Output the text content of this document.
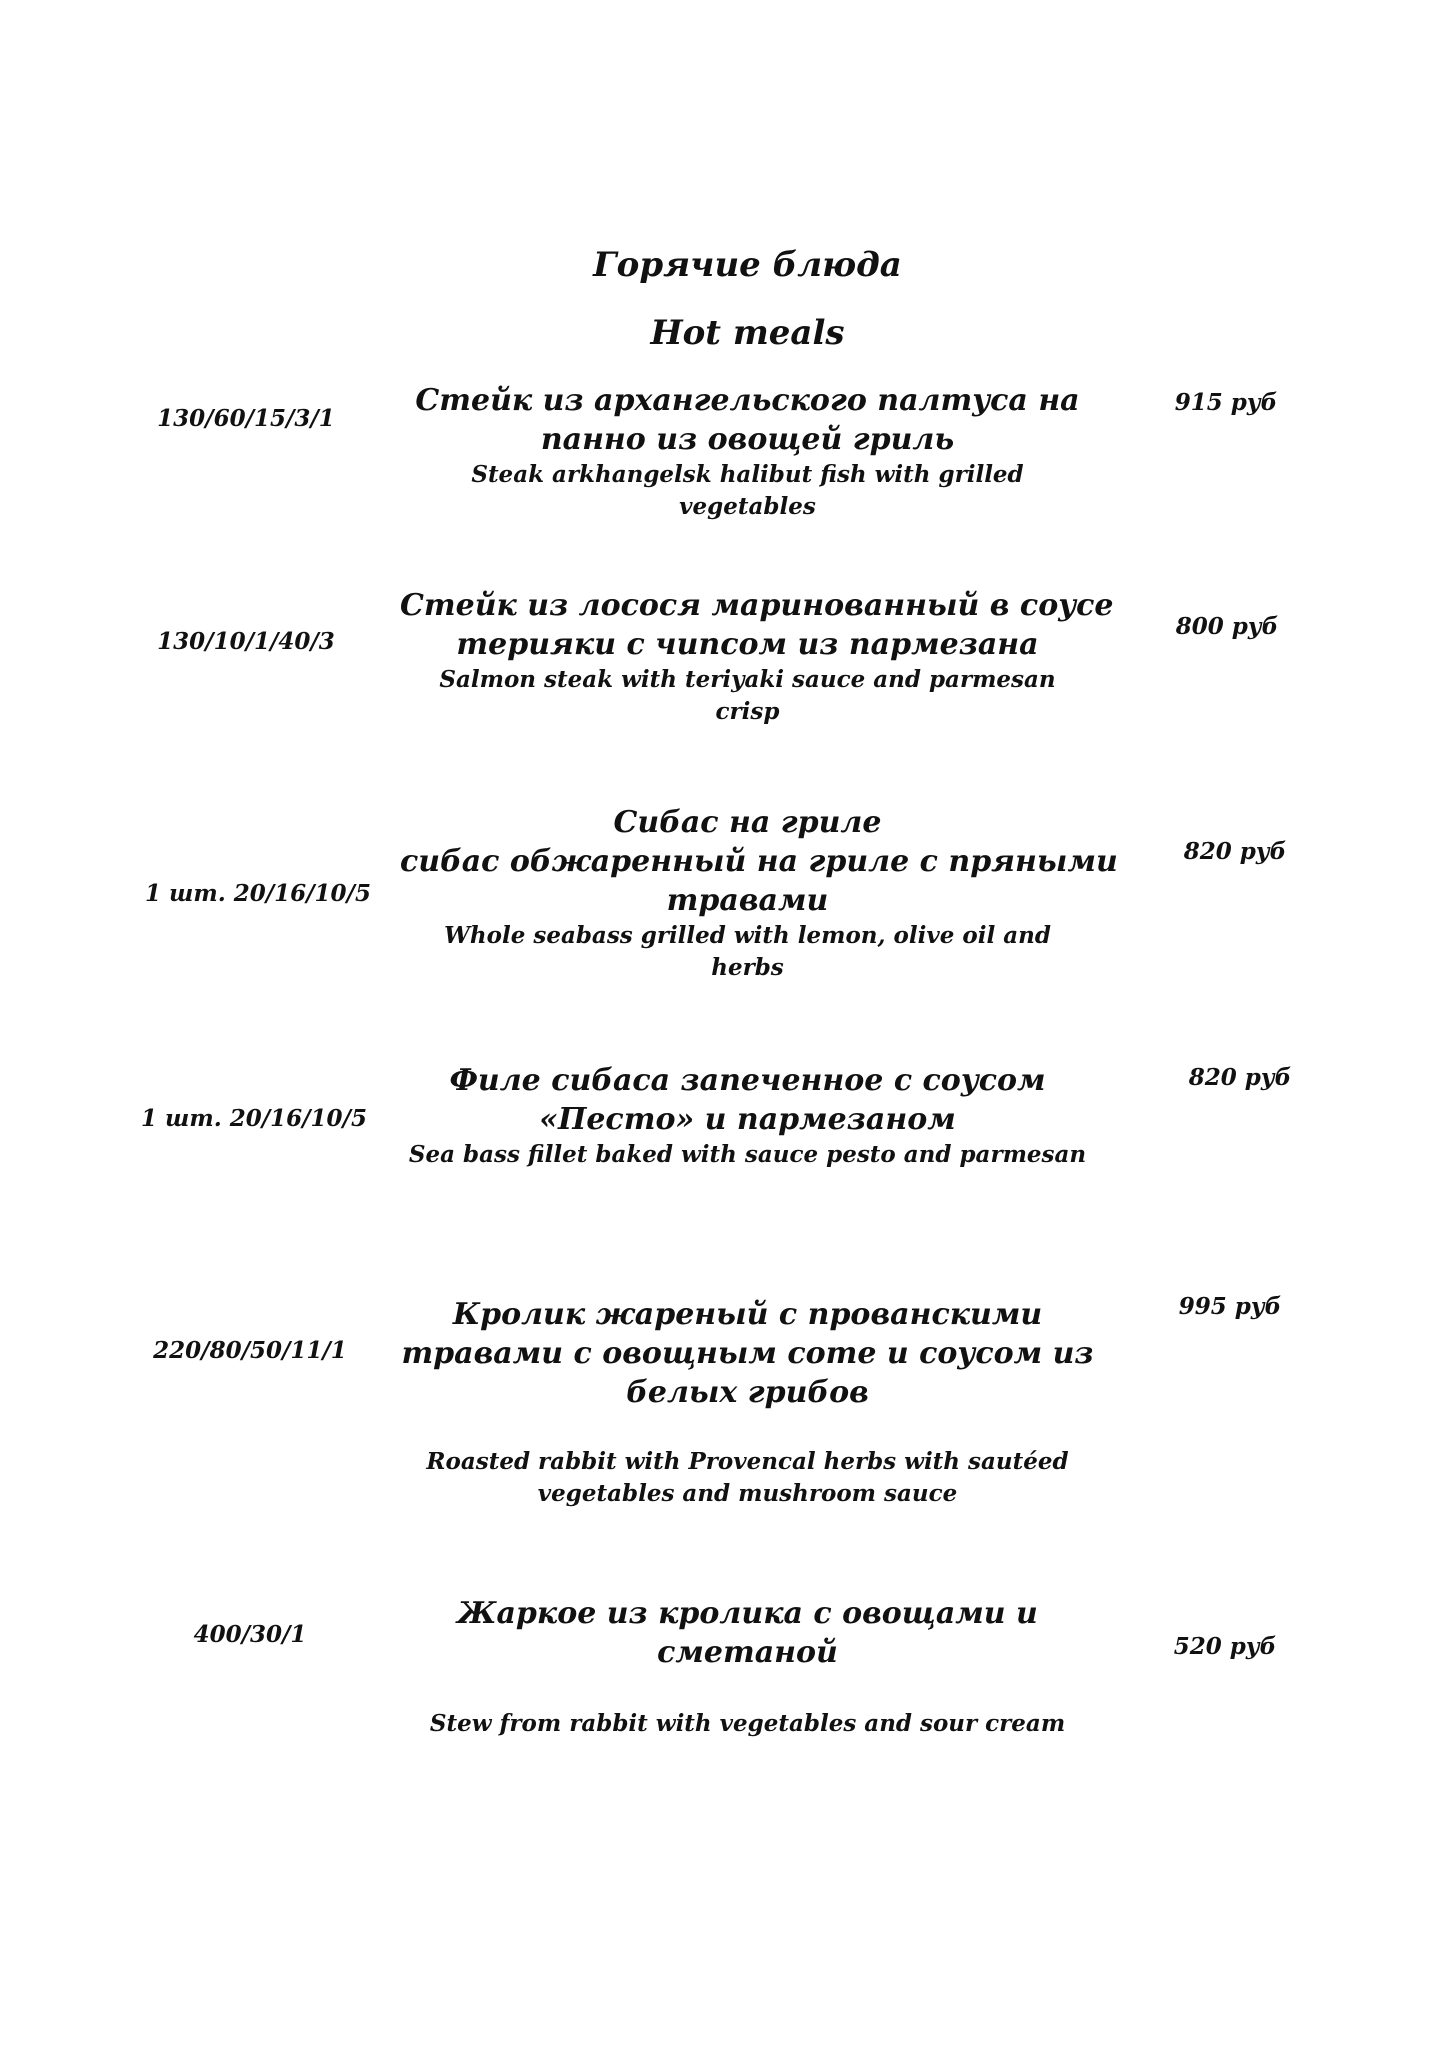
Горячие блюда
Hot meals
130/60/15/3/1
Стейк из архангельского палтуса на
панно из овощей гриль
Steak arkhangelsk halibut fish with grilled
vegetables
915 руб
130/10/1/40/3
Стейк из лосося маринованный в соусе
терияки с чипсом из пармезана
Salmon steak with teriyaki sauce and parmesan
crisp
800 руб
1 шт. 20/16/10/5
Сибас на гриле
сибас обжаренный на гриле с пряными
травами
Whole seabass grilled with lemon, olive oil and
herbs
820 руб
1 шт. 20/16/10/5
Филе сибаса запеченное с соусом
«Песто» и пармезаном
Sea bass fillet baked with sauce pesto and parmesan
820 руб
220/80/50/11/1
Кролик жареный с прованскими
травами с овощным соте и соусом из
белых грибов
Roasted rabbit with Provencal herbs with sautéed
vegetables and mushroom sauce
995 руб
400/30/1
Жаркое из кролика с овощами и
сметаной
Stew from rabbit with vegetables and sour cream
520 руб
